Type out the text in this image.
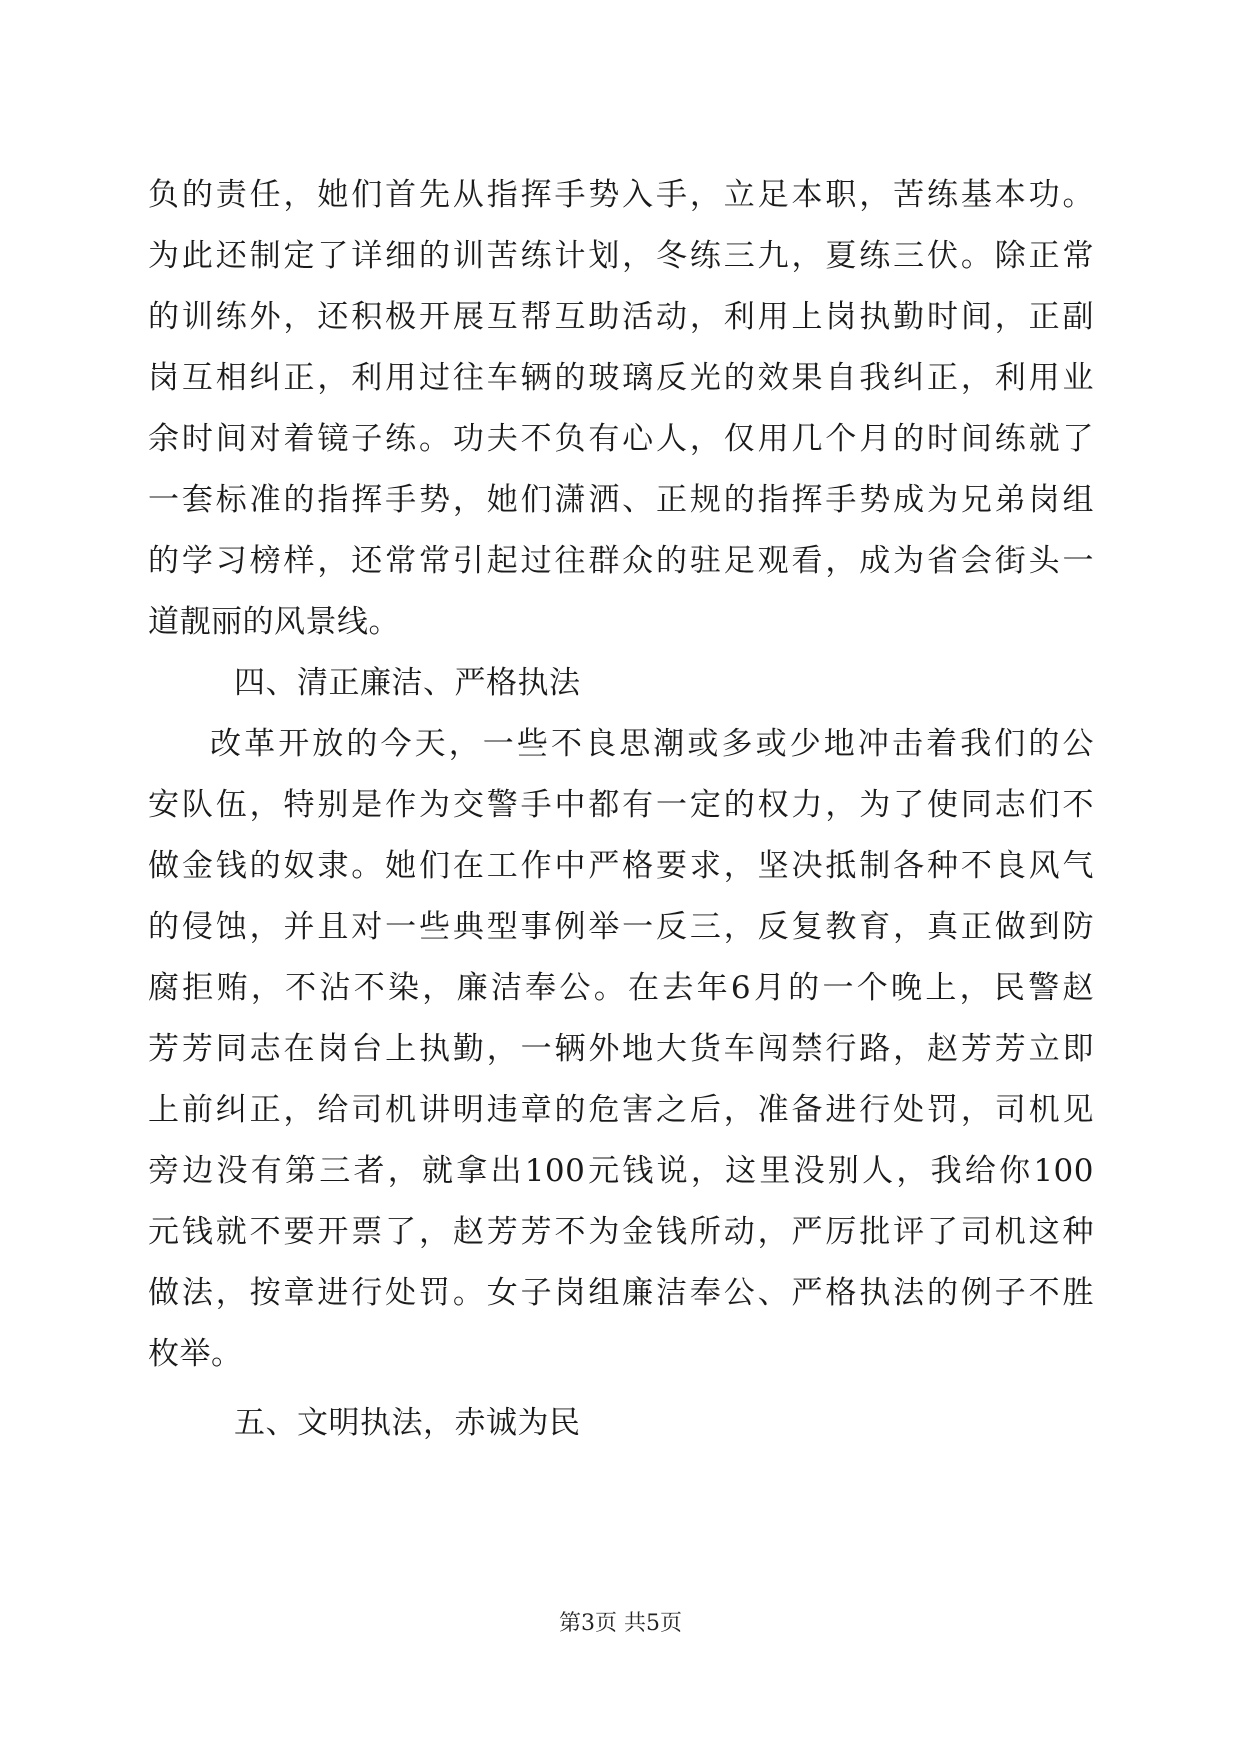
负的责任，她们首先从指挥手势入手，立足本职，苦练基本功。
为此还制定了详细的训苦练计划，冬练三九，夏练三伏。除正常
的训练外，还积极开展互帮互助活动，利用上岗执勤时间，正副
岗互相纠正，利用过往车辆的玻璃反光的效果自我纠正，利用业
余时间对着镜子练。功夫不负有心人，仅用几个月的时间练就了
一套标准的指挥手势，她们潇洒、正规的指挥手势成为兄弟岗组
的学习榜样，还常常引起过往群众的驻足观看，成为省会街头一
道靓丽的风景线。
四、清正廉洁、严格执法
改革开放的今天，一些不良思潮或多或少地冲击着我们的公
安队伍，特别是作为交警手中都有一定的权力，为了使同志们不
做金钱的奴隶。她们在工作中严格要求，坚决抵制各种不良风气
的侵蚀，并且对一些典型事例举一反三，反复教育，真正做到防
腐拒贿，不沾不染，廉洁奉公。在去年6月的一个晚上，民警赵
芳芳同志在岗台上执勤，一辆外地大货车闯禁行路，赵芳芳立即
上前纠正，给司机讲明违章的危害之后，准备进行处罚，司机见
旁边没有第三者，就拿出100元钱说，这里没别人，我给你100
元钱就不要开票了，赵芳芳不为金钱所动，严厉批评了司机这种
做法，按章进行处罚。女子岗组廉洁奉公、严格执法的例子不胜
枚举。
五、文明执法，赤诚为民
第3页 共5页
